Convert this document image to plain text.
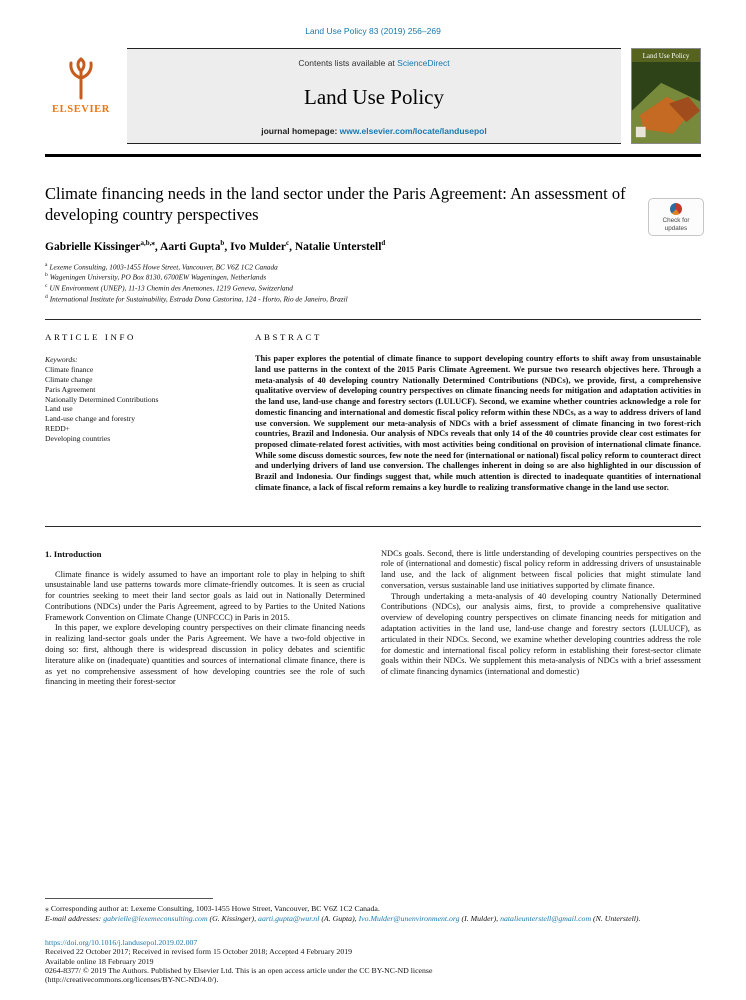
Land Use Policy 83 (2019) 256–269
ELSEVIER
Contents lists available at ScienceDirect
Land Use Policy
journal homepage: www.elsevier.com/locate/landusepol
Land Use Policy
Climate financing needs in the land sector under the Paris Agreement: An assessment of developing country perspectives	Check for updates
Gabrielle Kissinger$^{a,b,⁎}$, Aarti Gupta$^b$, Ivo Mulder$^c$, Natalie Unterstell$^d$
$^a$ Lexeme Consulting, 1003-1455 Howe Street, Vancouver, BC V6Z 1C2 Canada
$^b$ Wageningen University, PO Box 8130, 6700EW Wageningen, Netherlands
$^c$ UN Environment (UNEP), 11-13 Chemin des Anemones, 1219 Geneva, Switzerland
$^d$ International Institute for Sustainability, Estrada Dona Castorina, 124 - Horto, Rio de Janeiro, Brazil
ARTICLE INFO
Keywords:
Climate finance
Climate change
Paris Agreement
Nationally Determined Contributions
Land use
Land-use change and forestry
REDD+
Developing countries
ABSTRACT
This paper explores the potential of climate finance to support developing country efforts to shift away from unsustainable land use patterns in the context of the 2015 Paris Climate Agreement. We pursue two research objectives here. Through a meta-analysis of 40 developing country Nationally Determined Contributions (NDCs), we provide, first, a comprehensive qualitative overview of developing country perspectives on climate financing needs for mitigation and adaptation activities in the land use, land-use change and forestry sectors (LULUCF). Second, we examine whether countries acknowledge a role for domestic financing and international and domestic fiscal policy reform within these NDCs, as a way to address drivers of land use conversion. We supplement our meta-analysis of NDCs with a brief assessment of climate financing in two forest-rich countries, Brazil and Indonesia. Our analysis of NDCs reveals that only 14 of the 40 countries provide clear cost estimates for proposed climate-related forest activities, with most activities being conditional on provision of international climate finance. While some discuss domestic sources, few note the need for (international or national) fiscal policy reform to counteract direct and underlying drivers of land use conversion. The challenges inherent in doing so are also highlighted in our discussion of Brazil and Indonesia. Our findings suggest that, while much attention is directed to inadequate quantities of international climate finance, a lack of fiscal reform remains a key hurdle to realizing transformative change in the land use sector.
1. Introduction

Climate finance is widely assumed to have an important role to play in helping to shift unsustainable land use patterns towards more climate-friendly outcomes. It is seen as crucial for countries seeking to meet their land sector goals as laid out in Nationally Determined Contributions (NDCs) under the Paris Agreement, agreed to by Parties to the United Nations Framework Convention on Climate Change (UNFCCC) in Paris in 2015.

In this paper, we explore developing country perspectives on their climate financing needs in realizing land-sector goals under the Paris Agreement. We have a two-fold objective in doing so: first, although there is widespread discussion in policy debates and scientific literature alike on (inadequate) quantities and sources of international climate finance, there is as yet no comprehensive assessment of how developing countries see the role of such financing in meeting their forest-sector

NDCs goals. Second, there is little understanding of developing countries perspectives on the role of (international and domestic) fiscal policy reform in addressing drivers of unsustainable land use, and the lack of alignment between fiscal policies that might stimulate land conversation, versus sustainable land use initiatives supported by climate finance.

Through undertaking a meta-analysis of 40 developing country Nationally Determined Contributions (NDCs), our analysis aims, first, to provide a comprehensive qualitative overview of developing country perspectives on climate financing needs for mitigation and adaptation activities in the land use, land-use change and forestry sectors (LULUCF), as articulated in their NDCs. Second, we examine whether developing countries address the role for domestic and international fiscal policy reform in establishing their forest-sector climate goals within their NDCs. We supplement this meta-analysis of NDCs with a brief assessment of climate financing dynamics (international and domestic)

⁎ Corresponding author at: Lexeme Consulting, 1003-1455 Howe Street, Vancouver, BC V6Z 1C2 Canada.
E-mail addresses: gabrielle@lexemeconsulting.com (G. Kissinger), aarti.gupta@wur.nl (A. Gupta), Ivo.Mulder@unenvironment.org (I. Mulder), natalieunterstell@gmail.com (N. Unterstell).
https://doi.org/10.1016/j.landusepol.2019.02.007
Received 22 October 2017; Received in revised form 15 October 2018; Accepted 4 February 2019
Available online 18 February 2019
0264-8377/ © 2019 The Authors. Published by Elsevier Ltd. This is an open access article under the CC BY-NC-ND license
(http://creativecommons.org/licenses/BY-NC-ND/4.0/).
